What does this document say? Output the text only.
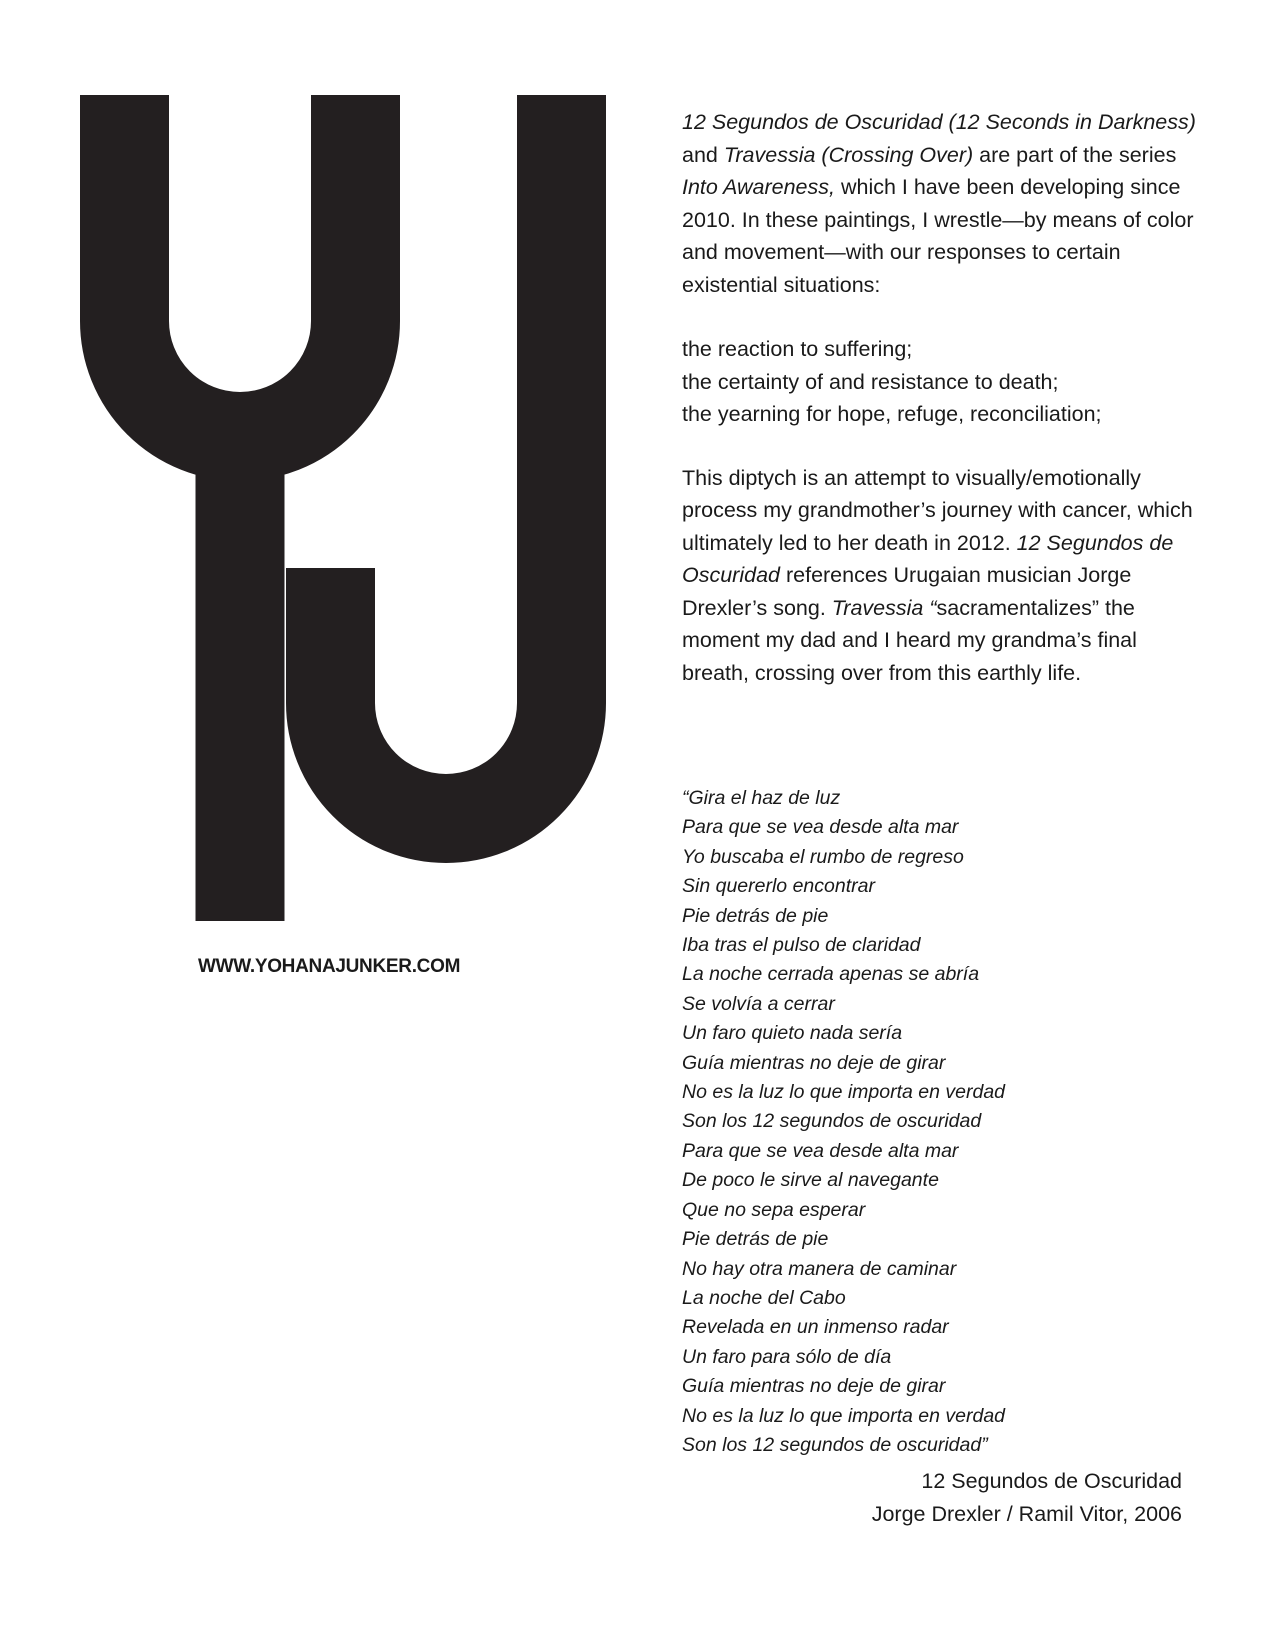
WWW.YOHANAJUNKER.COM

12 Segundos de Oscuridad (12 Seconds in Darkness) and Travessia (Crossing Over) are part of the series Into Awareness, which I have been developing since 2010. In these paintings, I wrestle—by means of color and movement—with our responses to certain existential situations:

the reaction to suffering;
the certainty of and resistance to death;
the yearning for hope, refuge, reconciliation;

This diptych is an attempt to visually/emotionally process my grandmother’s journey with cancer, which ultimately led to her death in 2012. 12 Segundos de Oscuridad references Urugaian musician Jorge Drexler’s song. Travessia “sacramentalizes” the moment my dad and I heard my grandma’s final breath, crossing over from this earthly life.

“Gira el haz de luz
Para que se vea desde alta mar
Yo buscaba el rumbo de regreso
Sin quererlo encontrar
Pie detrás de pie
Iba tras el pulso de claridad
La noche cerrada apenas se abría
Se volvía a cerrar
Un faro quieto nada sería
Guía mientras no deje de girar
No es la luz lo que importa en verdad
Son los 12 segundos de oscuridad
Para que se vea desde alta mar
De poco le sirve al navegante
Que no sepa esperar
Pie detrás de pie
No hay otra manera de caminar
La noche del Cabo
Revelada en un inmenso radar
Un faro para sólo de día
Guía mientras no deje de girar
No es la luz lo que importa en verdad
Son los 12 segundos de oscuridad”
12 Segundos de Oscuridad
Jorge Drexler / Ramil Vitor, 2006
